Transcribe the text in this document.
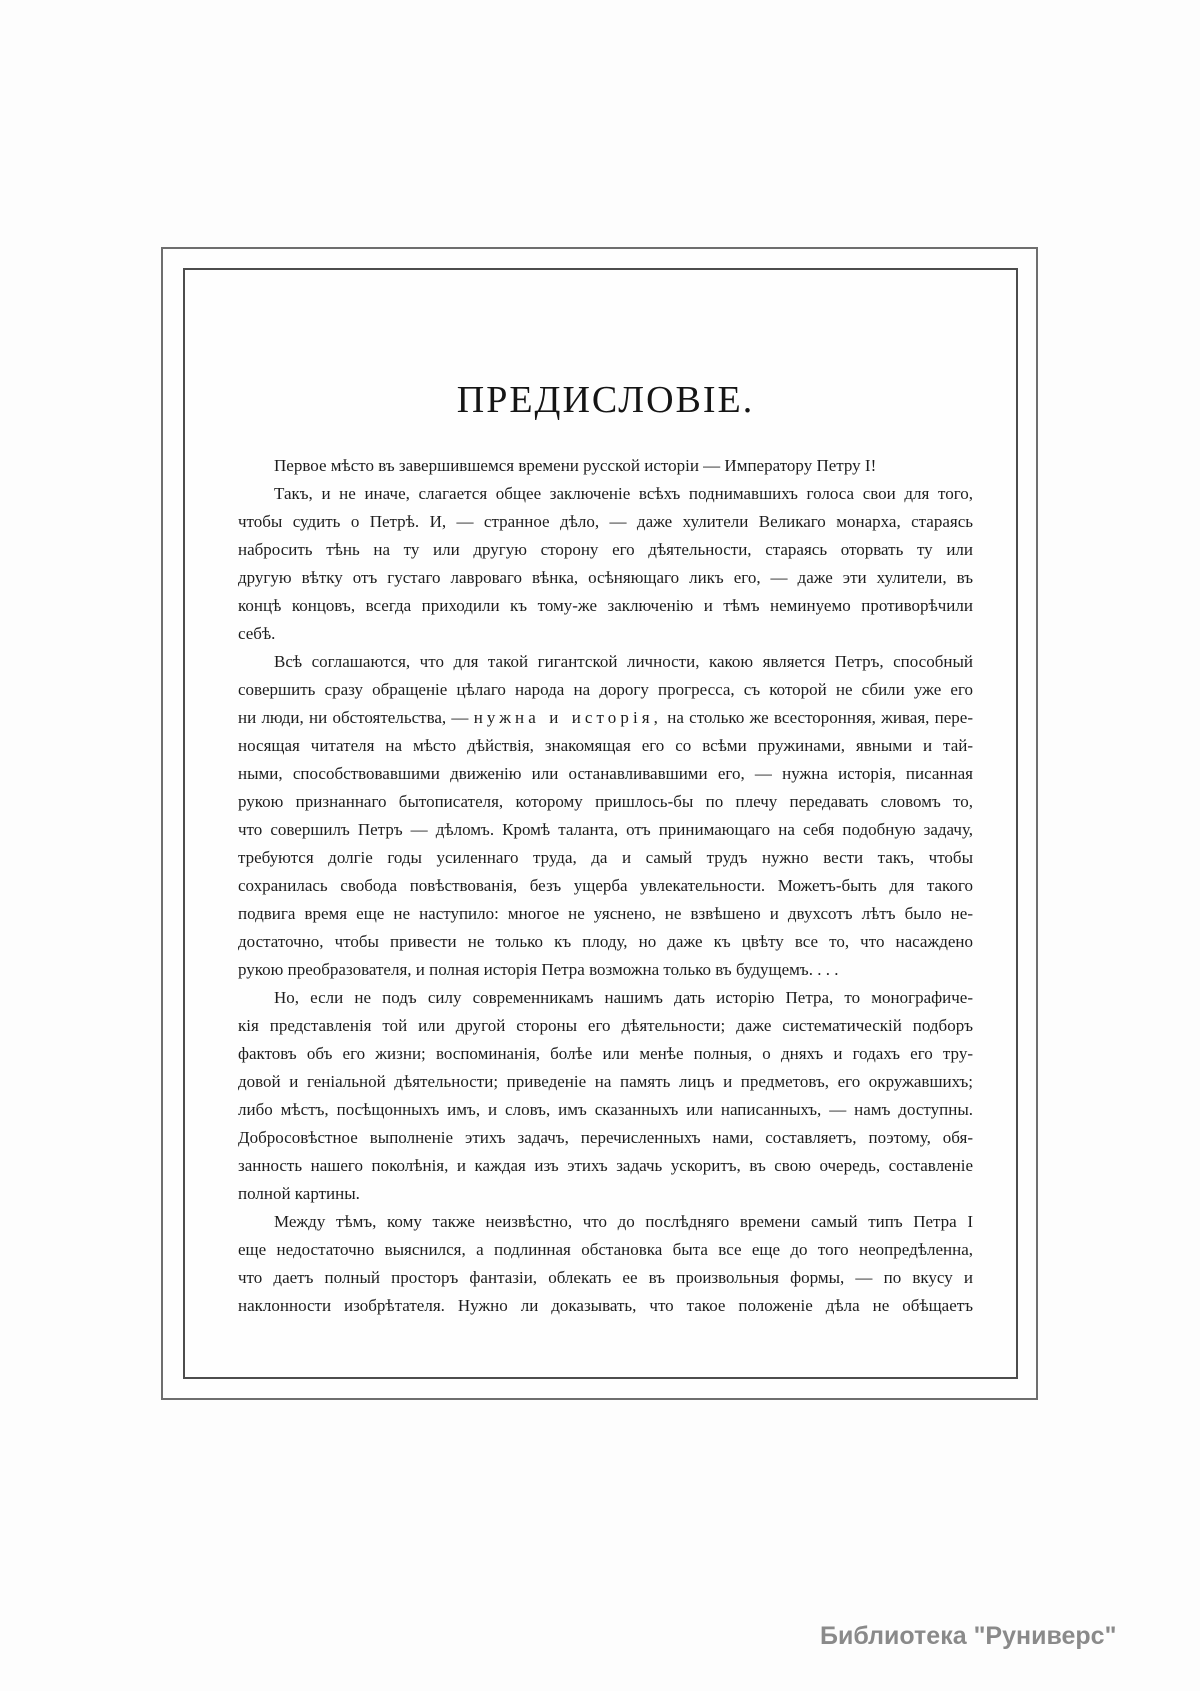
ПРЕДИСЛОВІЕ.

Первое мѣсто въ завершившемся времени русской исторіи — Императору Петру I!

Такъ, и не иначе, слагается общее заключеніе всѣхъ поднимавшихъ голоса свои для того,
чтобы судить о Петрѣ. И, — странное дѣло, — даже хулители Великаго монарха, стараясь
набросить тѣнь на ту или другую сторону его дѣятельности, стараясь оторвать ту или
другую вѣтку отъ густаго лавроваго вѣнка, осѣняющаго ликъ его, — даже эти хулители, въ
концѣ концовъ, всегда приходили къ тому-же заключенію и тѣмъ неминуемо противорѣчили
себѣ.

Всѣ соглашаются, что для такой гигантской личности, какою является Петръ, способный
совершить сразу обращеніе цѣлаго народа на дорогу прогресса, съ которой не сбили уже его
ни люди, ни обстоятельства, — нужна и исторія, на столько же всесторонняя, живая, пере-
носящая читателя на мѣсто дѣйствія, знакомящая его со всѣми пружинами, явными и тай-
ными, способствовавшими движенію или останавливавшими его, — нужна исторія, писанная
рукою признаннаго бытописателя, которому пришлось-бы по плечу передавать словомъ то,
что совершилъ Петръ — дѣломъ. Кромѣ таланта, отъ принимающаго на себя подобную задачу,
требуются долгіе годы усиленнаго труда, да и самый трудъ нужно вести такъ, чтобы
сохранилась свобода повѣствованія, безъ ущерба увлекательности. Можетъ-быть для такого
подвига время еще не наступило: многое не уяснено, не взвѣшено и двухсотъ лѣтъ было не-
достаточно, чтобы привести не только къ плоду, но даже къ цвѣту все то, что насаждено
рукою преобразователя, и полная исторія Петра возможна только въ будущемъ. . . .

Но, если не подъ силу современникамъ нашимъ дать исторію Петра, то монографиче-
кія представленія той или другой стороны его дѣятельности; даже систематическій подборъ
фактовъ объ его жизни; воспоминанія, болѣе или менѣе полныя, о дняхъ и годахъ его тру-
довой и геніальной дѣятельности; приведеніе на память лицъ и предметовъ, его окружавшихъ;
либо мѣстъ, посѣщонныхъ имъ, и словъ, имъ сказанныхъ или написанныхъ, — намъ доступны.
Добросовѣстное выполненіе этихъ задачъ, перечисленныхъ нами, составляетъ, поэтому, обя-
занность нашего поколѣнія, и каждая изъ этихъ задачь ускоритъ, въ свою очередь, составленіе
полной картины.

Между тѣмъ, кому также неизвѣстно, что до послѣдняго времени самый типъ Петра I
еще недостаточно выяснился, а подлинная обстановка быта все еще до того неопредѣленна,
что даетъ полный просторъ фантазіи, облекать ее въ произвольныя формы, — по вкусу и
наклонности изобрѣтателя. Нужно ли доказывать, что такое положеніе дѣла не обѣщаетъ

Библиотека "Руниверс"
